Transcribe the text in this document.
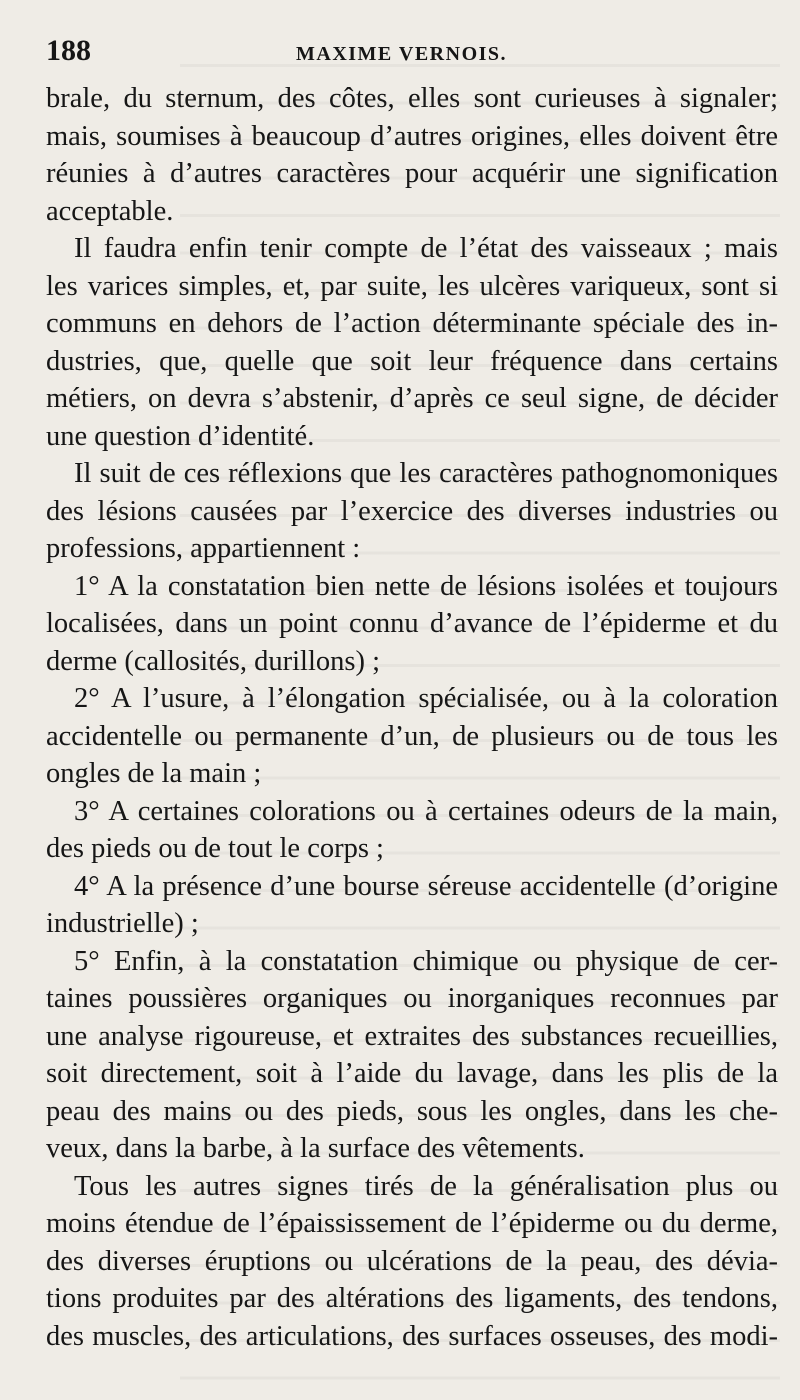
188	MAXIME VERNOIS.
brale, du sternum, des côtes, elles sont curieuses à signaler;
mais, soumises à beaucoup d’autres origines, elles doivent être
réunies à d’autres caractères pour acquérir une signification
acceptable.
Il faudra enfin tenir compte de l’état des vaisseaux ; mais
les varices simples, et, par suite, les ulcères variqueux, sont si
communs en dehors de l’action déterminante spéciale des in-
dustries, que, quelle que soit leur fréquence dans certains
métiers, on devra s’abstenir, d’après ce seul signe, de décider
une question d’identité.
Il suit de ces réflexions que les caractères pathognomoniques
des lésions causées par l’exercice des diverses industries ou
professions, appartiennent :
1° A la constatation bien nette de lésions isolées et toujours
localisées, dans un point connu d’avance de l’épiderme et du
derme (callosités, durillons) ;
2° A l’usure, à l’élongation spécialisée, ou à la coloration
accidentelle ou permanente d’un, de plusieurs ou de tous les
ongles de la main ;
3° A certaines colorations ou à certaines odeurs de la main,
des pieds ou de tout le corps ;
4° A la présence d’une bourse séreuse accidentelle (d’origine
industrielle) ;
5° Enfin, à la constatation chimique ou physique de cer-
taines poussières organiques ou inorganiques reconnues par
une analyse rigoureuse, et extraites des substances recueillies,
soit directement, soit à l’aide du lavage, dans les plis de la
peau des mains ou des pieds, sous les ongles, dans les che-
veux, dans la barbe, à la surface des vêtements.
Tous les autres signes tirés de la généralisation plus ou
moins étendue de l’épaississement de l’épiderme ou du derme,
des diverses éruptions ou ulcérations de la peau, des dévia-
tions produites par des altérations des ligaments, des tendons,
des muscles, des articulations, des surfaces osseuses, des modi-
